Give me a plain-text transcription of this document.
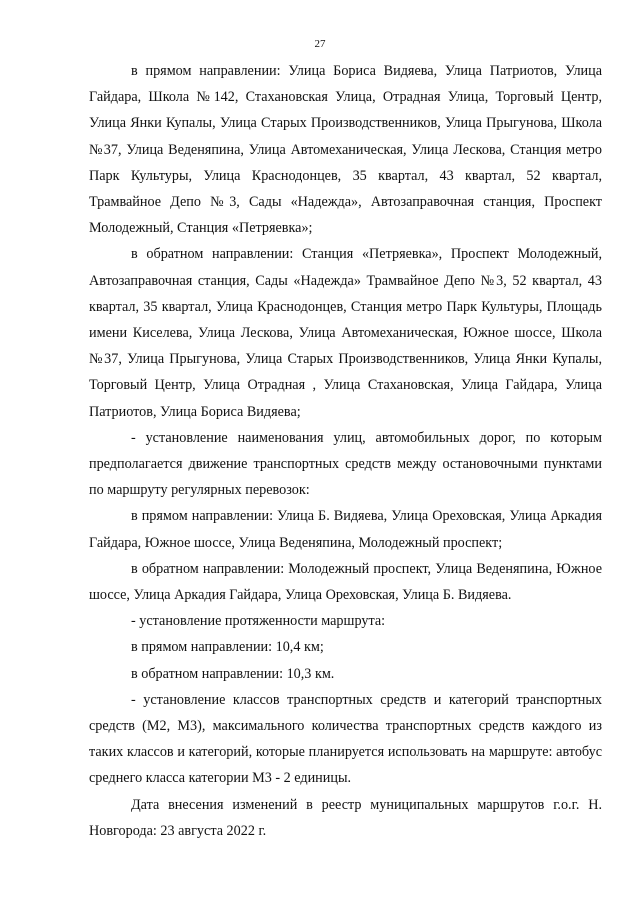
27

в прямом направлении: Улица Бориса Видяева, Улица Патриотов, Улица Гайдара, Школа №142, Стахановская Улица, Отрадная Улица, Торговый Центр, Улица Янки Купалы, Улица Старых Производственников, Улица Прыгунова, Школа №37, Улица Веденяпина, Улица Автомеханическая, Улица Лескова, Станция метро Парк Культуры, Улица Краснодонцев, 35 квартал, 43 квартал, 52 квартал, Трамвайное Депо №3, Сады «Надежда», Автозаправочная станция, Проспект Молодежный, Станция «Петряевка»;

в обратном направлении: Станция «Петряевка», Проспект Молодежный, Автозаправочная станция, Сады «Надежда» Трамвайное Депо №3, 52 квартал, 43 квартал, 35 квартал, Улица Краснодонцев, Станция метро Парк Культуры, Площадь имени Киселева, Улица Лескова, Улица Автомеханическая, Южное шоссе, Школа №37, Улица Прыгунова, Улица Старых Производственников, Улица Янки Купалы, Торговый Центр, Улица Отрадная , Улица Стахановская, Улица Гайдара, Улица Патриотов, Улица Бориса Видяева;

- установление наименования улиц, автомобильных дорог, по которым предполагается движение транспортных средств между остановочными пунктами по маршруту регулярных перевозок:

в прямом направлении: Улица Б. Видяева, Улица Ореховская, Улица Аркадия Гайдара, Южное шоссе, Улица Веденяпина, Молодежный проспект;

в обратном направлении: Молодежный проспект, Улица Веденяпина, Южное шоссе, Улица Аркадия Гайдара, Улица Ореховская, Улица Б. Видяева.

- установление протяженности маршрута:

в прямом направлении: 10,4 км;

в обратном направлении: 10,3 км.

- установление классов транспортных средств и категорий транспортных средств (М2, М3), максимального количества транспортных средств каждого из таких классов и категорий, которые планируется использовать на маршруте: автобус среднего класса категории М3 - 2 единицы.

Дата внесения изменений в реестр муниципальных маршрутов г.о.г. Н. Новгорода: 23 августа 2022 г.
